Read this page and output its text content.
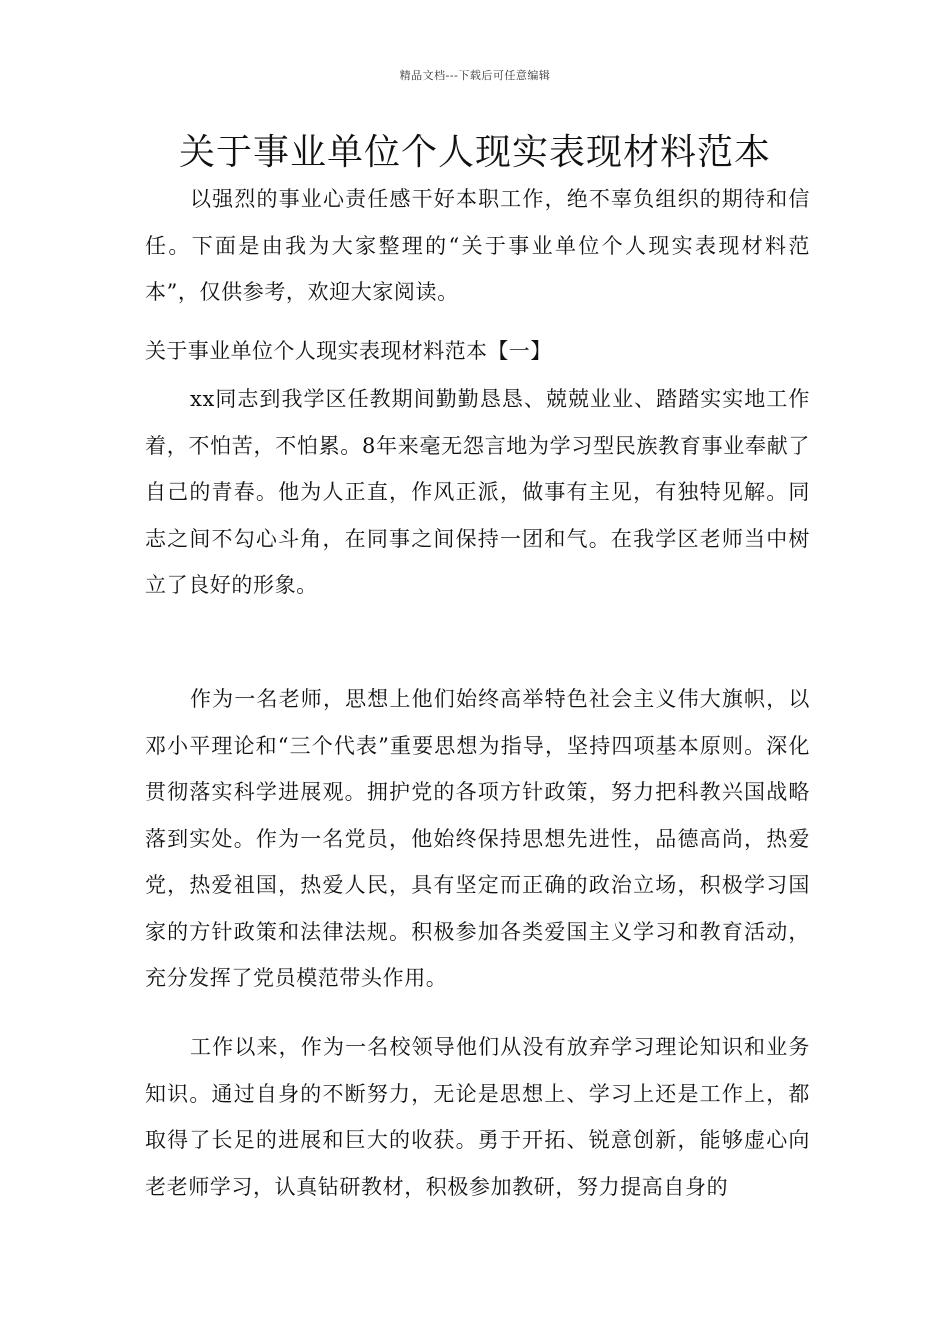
精品文档---下载后可任意编辑
关于事业单位个人现实表现材料范本

以强烈的事业心责任感干好本职工作，绝不辜负组织的期待和信任。下面是由我为大家整理的“关于事业单位个人现实表现材料范本”，仅供参考，欢迎大家阅读。

关于事业单位个人现实表现材料范本【一】

xx同志到我学区任教期间勤勤恳恳、兢兢业业、踏踏实实地工作着，不怕苦，不怕累。8年来毫无怨言地为学习型民族教育事业奉献了自己的青春。他为人正直，作风正派，做事有主见，有独特见解。同志之间不勾心斗角，在同事之间保持一团和气。在我学区老师当中树立了良好的形象。

作为一名老师，思想上他们始终高举特色社会主义伟大旗帜，以邓小平理论和“三个代表”重要思想为指导，坚持四项基本原则。深化贯彻落实科学进展观。拥护党的各项方针政策，努力把科教兴国战略落到实处。作为一名党员，他始终保持思想先进性，品德高尚，热爱党，热爱祖国，热爱人民，具有坚定而正确的政治立场，积极学习国家的方针政策和法律法规。积极参加各类爱国主义学习和教育活动，充分发挥了党员模范带头作用。

工作以来，作为一名校领导他们从没有放弃学习理论知识和业务知识。通过自身的不断努力，无论是思想上、学习上还是工作上，都取得了长足的进展和巨大的收获。勇于开拓、锐意创新，能够虚心向老老师学习，认真钻研教材，积极参加教研，努力提高自身的
